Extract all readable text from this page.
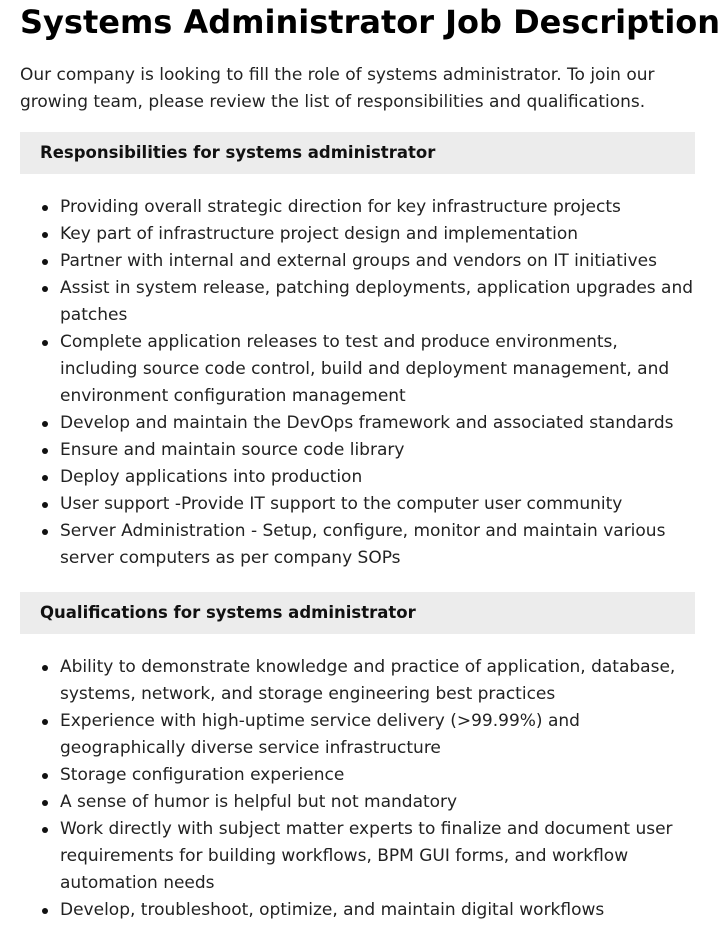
Systems Administrator Job Description

Our company is looking to fill the role of systems administrator. To join our growing team, please review the list of responsibilities and qualifications.

Responsibilities for systems administrator
Providing overall strategic direction for key infrastructure projects
Key part of infrastructure project design and implementation
Partner with internal and external groups and vendors on IT initiatives
Assist in system release, patching deployments, application upgrades and patches
Complete application releases to test and produce environments, including source code control, build and deployment management, and environment configuration management
Develop and maintain the DevOps framework and associated standards
Ensure and maintain source code library
Deploy applications into production
User support -Provide IT support to the computer user community
Server Administration - Setup, configure, monitor and maintain various server computers as per company SOPs
Qualifications for systems administrator
Ability to demonstrate knowledge and practice of application, database, systems, network, and storage engineering best practices
Experience with high-uptime service delivery (>99.99%) and geographically diverse service infrastructure
Storage configuration experience
A sense of humor is helpful but not mandatory
Work directly with subject matter experts to finalize and document user requirements for building workflows, BPM GUI forms, and workflow automation needs
Develop, troubleshoot, optimize, and maintain digital workflows
